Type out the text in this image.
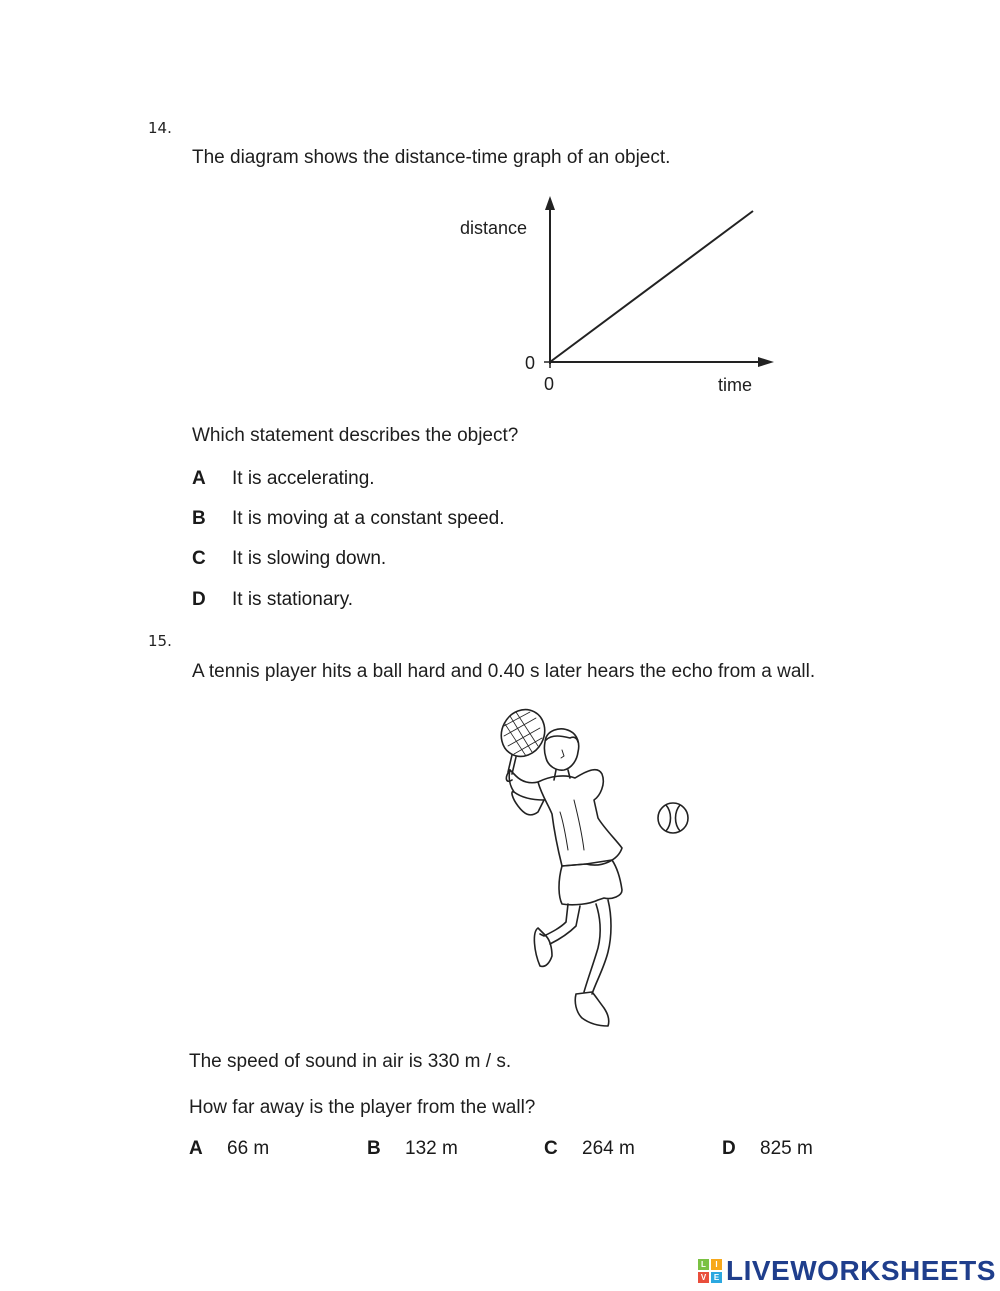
14.
The diagram shows the distance-time graph of an object.
distance
0
0	time
Which statement describes the object?
A It is accelerating.
B It is moving at a constant speed.
C It is slowing down.
D It is stationary.
15.
A tennis player hits a ball hard and 0.40 s later hears the echo from a wall.
The speed of sound in air is 330 m / s.
How far away is the player from the wall?
A 66 m	B 132 m	C 264 m	D 825 m
L	I
V E LIVEWORKSHEETS
